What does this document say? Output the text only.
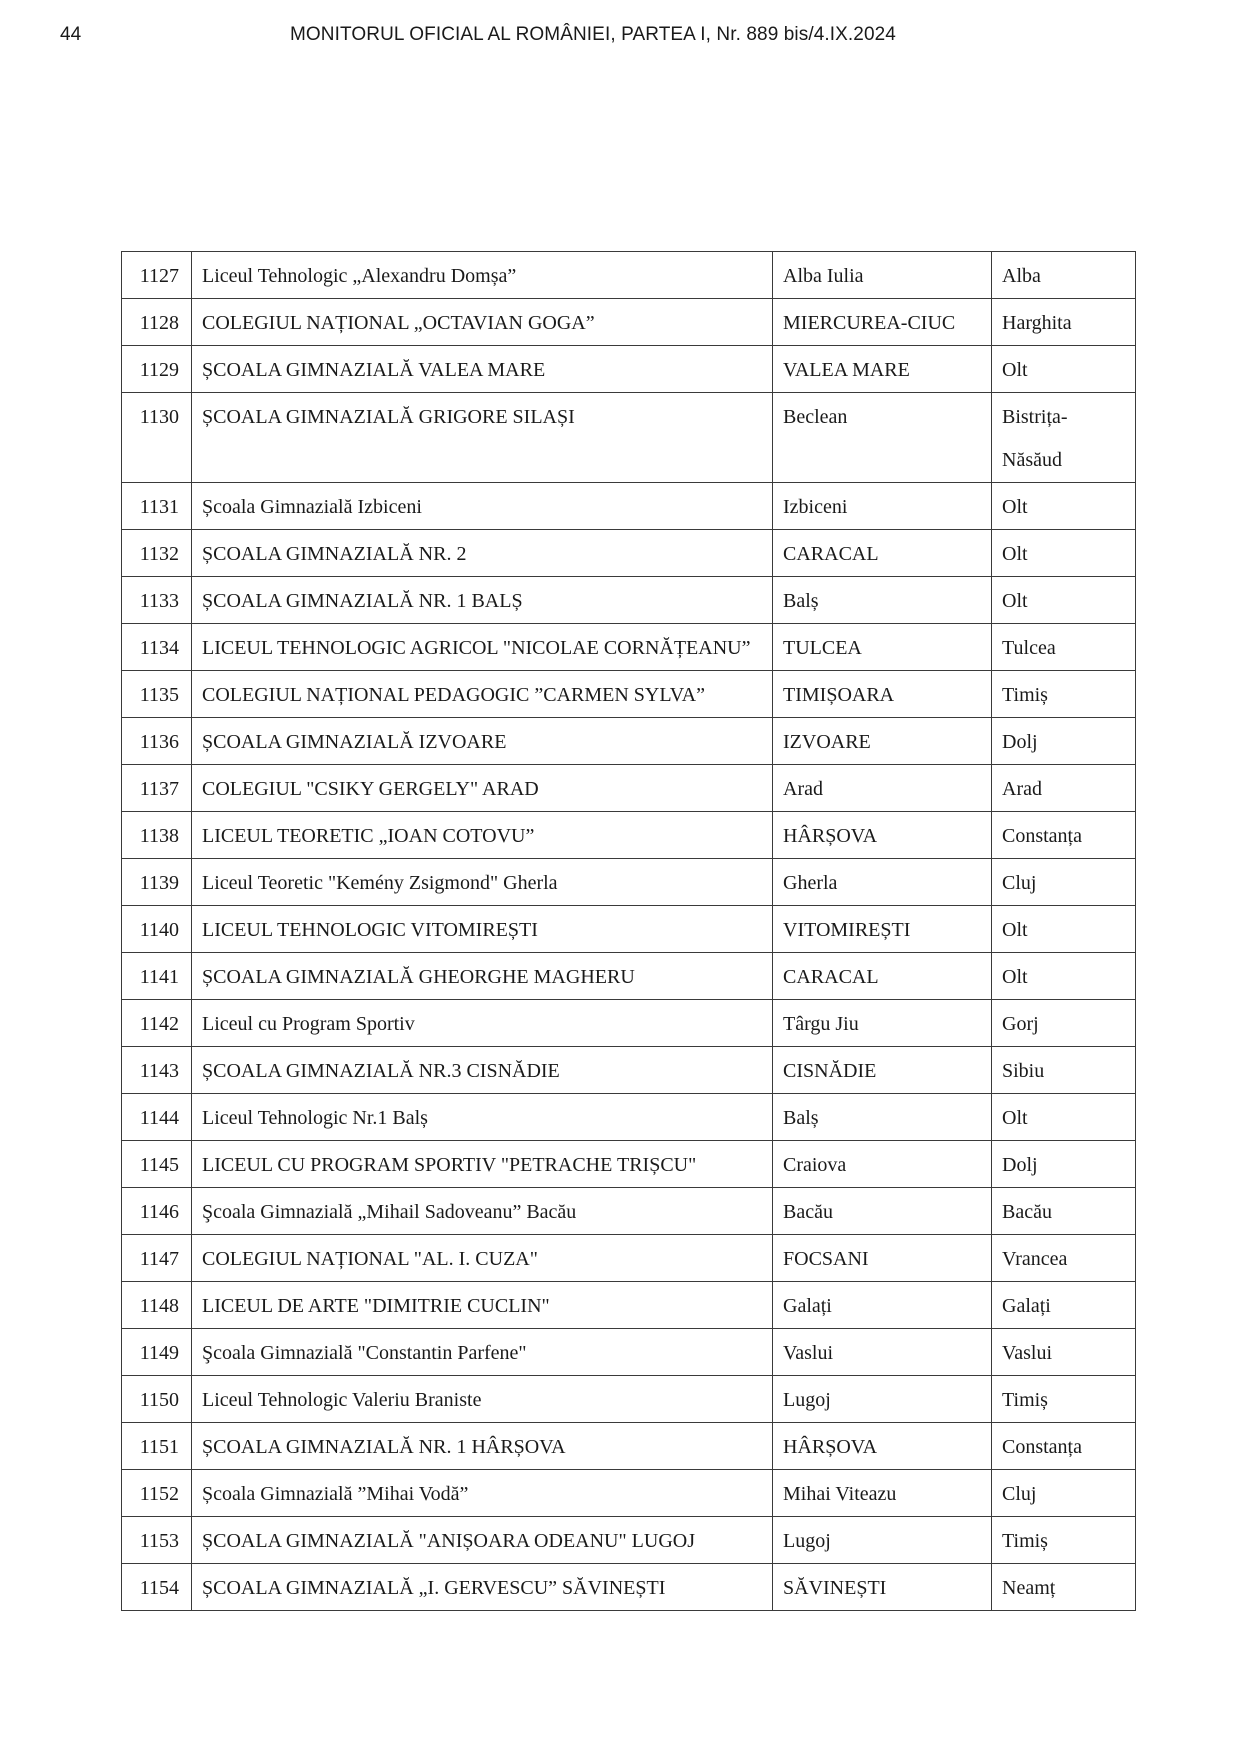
44	MONITORUL OFICIAL AL ROMÂNIEI, PARTEA I, Nr. 889 bis/4.IX.2024
1127	Liceul Tehnologic „Alexandru Domșa”	Alba Iulia	Alba
1128	COLEGIUL NAȚIONAL „OCTAVIAN GOGA”	MIERCUREA-CIUC	Harghita
1129	ȘCOALA GIMNAZIALĂ VALEA MARE	VALEA MARE	Olt
1130	ȘCOALA GIMNAZIALĂ GRIGORE SILAȘI	Beclean	Bistrița-Năsăud
1131	Școala Gimnazială Izbiceni	Izbiceni	Olt
1132	ȘCOALA GIMNAZIALĂ NR. 2	CARACAL	Olt
1133	ȘCOALA GIMNAZIALĂ NR. 1 BALȘ	Balș	Olt
1134	LICEUL TEHNOLOGIC AGRICOL "NICOLAE CORNĂȚEANU”	TULCEA	Tulcea
1135	COLEGIUL NAȚIONAL PEDAGOGIC ”CARMEN SYLVA”	TIMIȘOARA	Timiș
1136	ȘCOALA GIMNAZIALĂ IZVOARE	IZVOARE	Dolj
1137	COLEGIUL "CSIKY GERGELY" ARAD	Arad	Arad
1138	LICEUL TEORETIC „IOAN COTOVU”	HÂRȘOVA	Constanța
1139	Liceul Teoretic "Kemény Zsigmond" Gherla	Gherla	Cluj
1140	LICEUL TEHNOLOGIC VITOMIREȘTI	VITOMIREȘTI	Olt
1141	ȘCOALA GIMNAZIALĂ GHEORGHE MAGHERU	CARACAL	Olt
1142	Liceul cu Program Sportiv	Târgu Jiu	Gorj
1143	ȘCOALA GIMNAZIALĂ NR.3 CISNĂDIE	CISNĂDIE	Sibiu
1144	Liceul Tehnologic Nr.1 Balș	Balș	Olt
1145	LICEUL CU PROGRAM SPORTIV "PETRACHE TRIȘCU"	Craiova	Dolj
1146	Şcoala Gimnazială „Mihail Sadoveanu” Bacău	Bacău	Bacău
1147	COLEGIUL NAȚIONAL "AL. I. CUZA"	FOCSANI	Vrancea
1148	LICEUL DE ARTE "DIMITRIE CUCLIN"	Galați	Galați
1149	Şcoala Gimnazială "Constantin Parfene"	Vaslui	Vaslui
1150	Liceul Tehnologic Valeriu Braniste	Lugoj	Timiș
1151	ȘCOALA GIMNAZIALĂ NR. 1 HÂRȘOVA	HÂRȘOVA	Constanța
1152	Școala Gimnazială ”Mihai Vodă”	Mihai Viteazu	Cluj
1153	ȘCOALA GIMNAZIALĂ "ANIȘOARA ODEANU" LUGOJ	Lugoj	Timiș
1154	ȘCOALA GIMNAZIALĂ „I. GERVESCU” SĂVINEȘTI	SĂVINEȘTI	Neamț
